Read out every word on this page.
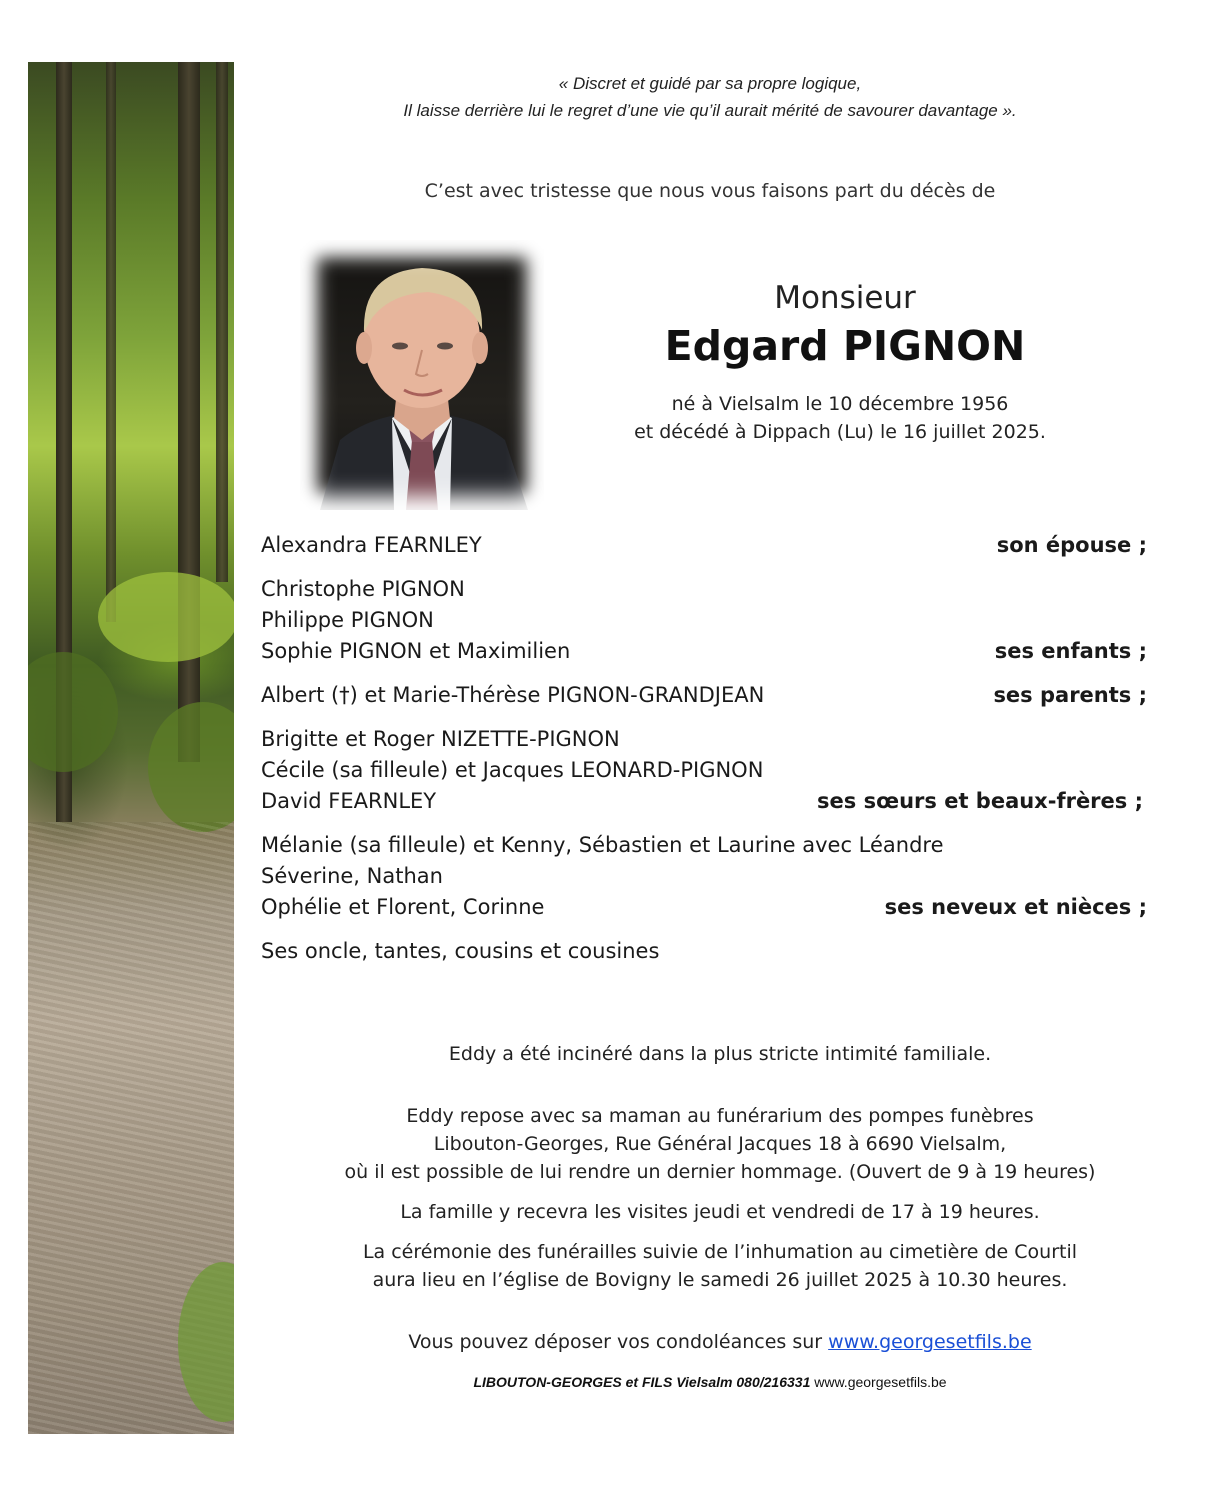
« Discret et guidé par sa propre logique,
Il laisse derrière lui le regret d’une vie qu’il aurait mérité de savourer davantage ».
C’est avec tristesse que nous vous faisons part du décès de
Monsieur
Edgard PIGNON
né à Vielsalm le 10 décembre 1956
et décédé à Dippach (Lu) le 16 juillet 2025.
Alexandra FEARNLEY	son épouse ;
Christophe PIGNON
Philippe PIGNON
Sophie PIGNON et Maximilien	ses enfants ;
Albert (†) et Marie-Thérèse PIGNON-GRANDJEAN	ses parents ;
Brigitte et Roger NIZETTE-PIGNON
Cécile (sa filleule) et Jacques LEONARD-PIGNON
David FEARNLEY	ses sœurs et beaux-frères ;
Mélanie (sa filleule) et Kenny, Sébastien et Laurine avec Léandre
Séverine, Nathan
Ophélie et Florent, Corinne	ses neveux et nièces ;
Ses oncle, tantes, cousins et cousines
Eddy a été incinéré dans la plus stricte intimité familiale.
Eddy repose avec sa maman au funérarium des pompes funèbres
Libouton-Georges, Rue Général Jacques 18 à 6690 Vielsalm,
où il est possible de lui rendre un dernier hommage. (Ouvert de 9 à 19 heures)
La famille y recevra les visites jeudi et vendredi de 17 à 19 heures.
La cérémonie des funérailles suivie de l’inhumation au cimetière de Courtil
aura lieu en l’église de Bovigny le samedi 26 juillet 2025 à 10.30 heures.
Vous pouvez déposer vos condoléances sur www.georgesetfils.be
LIBOUTON-GEORGES et FILS Vielsalm 080/216331 www.georgesetfils.be
